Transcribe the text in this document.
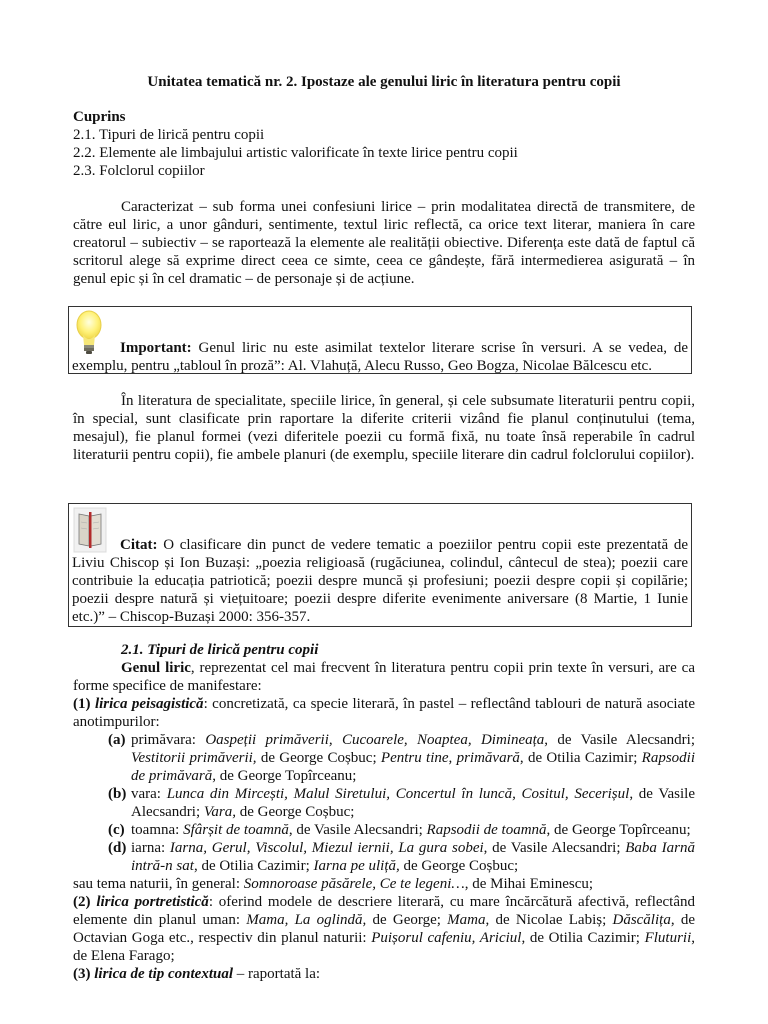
Unitatea tematică nr. 2. Ipostaze ale genului liric în literatura pentru copii
Cuprins
2.1. Tipuri de lirică pentru copii
2.2. Elemente ale limbajului artistic valorificate în texte lirice pentru copii
2.3. Folclorul copiilor
Caracterizat – sub forma unei confesiuni lirice – prin modalitatea directă de transmitere, de către eul liric, a unor gânduri, sentimente, textul liric reflectă, ca orice text literar, maniera în care creatorul – subiectiv – se raportează la elemente ale realității obiective. Diferența este dată de faptul că scritorul alege să exprime direct ceea ce simte, ceea ce gândește, fără intermedierea asigurată – în genul epic și în cel dramatic – de personaje și de acțiune.
Important: Genul liric nu este asimilat textelor literare scrise în versuri. A se vedea, de
exemplu, pentru „tabloul în proză”: Al. Vlahuță, Alecu Russo, Geo Bogza, Nicolae Bălcescu etc.
În literatura de specialitate, speciile lirice, în general, și cele subsumate literaturii pentru copii, în special, sunt clasificate prin raportare la diferite criterii vizând fie planul conținutului (tema, mesajul), fie planul formei (vezi diferitele poezii cu formă fixă, nu toate însă reperabile în cadrul literaturii pentru copii), fie ambele planuri (de exemplu, speciile literare din cadrul folclorului copiilor).
Citat: O clasificare din punct de vedere tematic a poeziilor pentru copii este prezentată de
Liviu Chiscop și Ion Buzași: „poezia religioasă (rugăciunea, colindul, cântecul de stea); poezii care contribuie la educația patriotică; poezii despre muncă și profesiuni; poezii despre copii și copilărie; poezii despre natură și viețuitoare; poezii despre diferite evenimente aniversare (8 Martie, 1 Iunie etc.)” – Chiscop-Buzași 2000: 356-357.
2.1. Tipuri de lirică pentru copii
Genul liric, reprezentat cel mai frecvent în literatura pentru copii prin texte în versuri, are ca forme specifice de manifestare:
(1) lirica peisagistică: concretizată, ca specie literară, în pastel – reflectând tablouri de natură asociate anotimpurilor:
(a) primăvara: Oaspeții primăverii, Cucoarele, Noaptea, Dimineața, de Vasile Alecsandri; Vestitorii primăverii, de George Coșbuc; Pentru tine, primăvară, de Otilia Cazimir; Rapsodii de primăvară, de George Topîrceanu;
(b) vara: Lunca din Mircești, Malul Siretului, Concertul în luncă, Cositul, Secerișul, de Vasile Alecsandri; Vara, de George Coșbuc;
(c) toamna: Sfârșit de toamnă, de Vasile Alecsandri; Rapsodii de toamnă, de George Topîrceanu;
(d) iarna: Iarna, Gerul, Viscolul, Miezul iernii, La gura sobei, de Vasile Alecsandri; Baba Iarnă intră-n sat, de Otilia Cazimir; Iarna pe uliță, de George Coșbuc;
sau tema naturii, în general: Somnoroase păsărele, Ce te legeni…, de Mihai Eminescu;
(2) lirica portretistică: oferind modele de descriere literară, cu mare încărcătură afectivă, reflectând elemente din planul uman: Mama, La oglindă, de George; Mama, de Nicolae Labiș; Dăscălița, de Octavian Goga etc., respectiv din planul naturii: Puișorul cafeniu, Ariciul, de Otilia Cazimir; Fluturii, de Elena Farago;
(3) lirica de tip contextual – raportată la:
